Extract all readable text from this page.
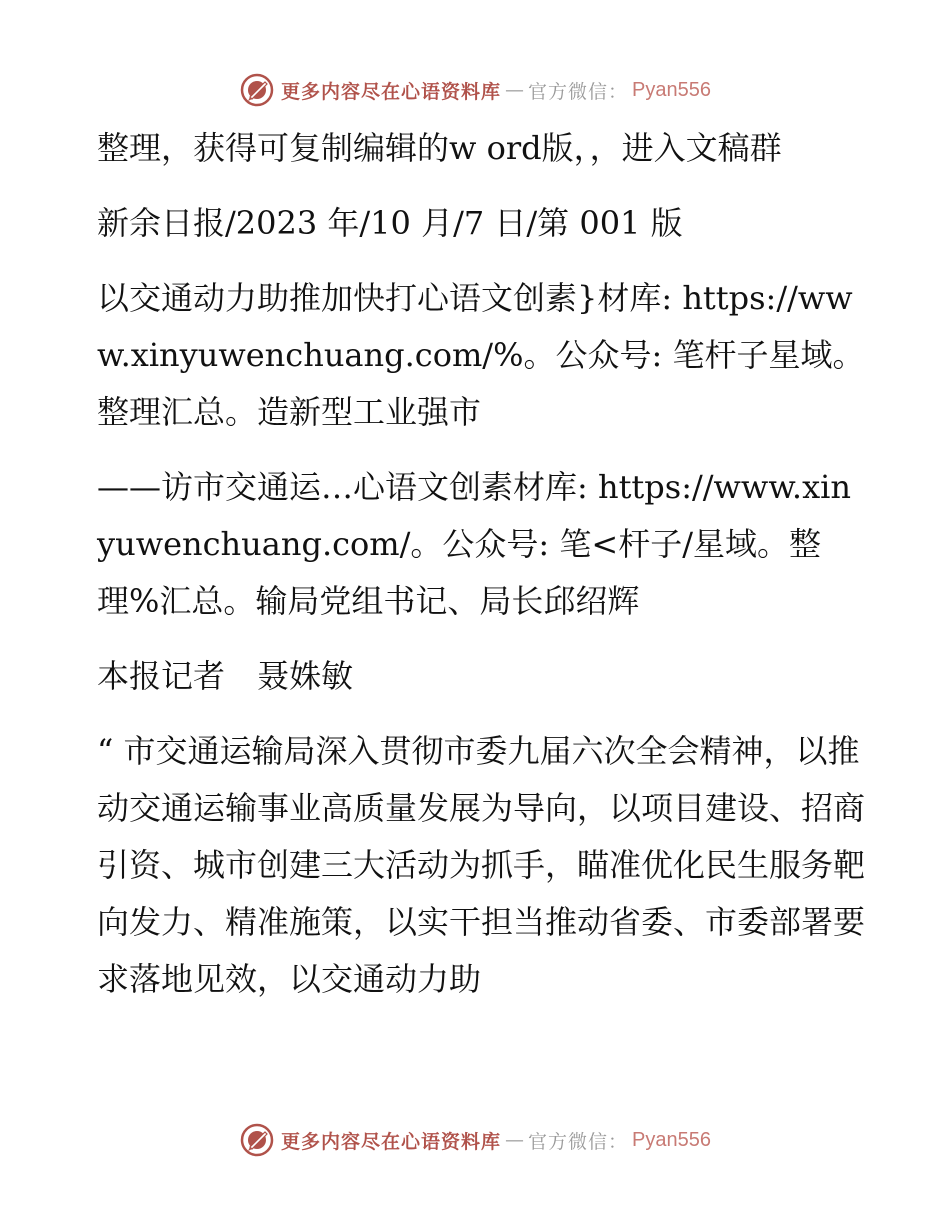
更多内容尽在心语资料库 — 官方微信： Pyan556

整理，获得可复制编辑的w ord版，，进入文稿群

新余日报/2023 年/10 月/7 日/第 001 版

以交通动力助推加快打心语文创素}材库: https://www.xinyuwenchuang.com/%。公众号: 笔杆子星域。整理汇总。造新型工业强市

——访市交通运…心语文创素材库: https://www.xinyuwenchuang.com/。公众号: 笔<杆子/星域。整理%汇总。输局党组书记、局长邱绍辉

本报记者　聂姝敏

“ 市交通运输局深入贯彻市委九届六次全会精神，以推动交通运输事业高质量发展为导向，以项目建设、招商引资、城市创建三大活动为抓手，瞄准优化民生服务靶向发力、精准施策，以实干担当推动省委、市委部署要求落地见效，以交通动力助

更多内容尽在心语资料库 — 官方微信： Pyan556
